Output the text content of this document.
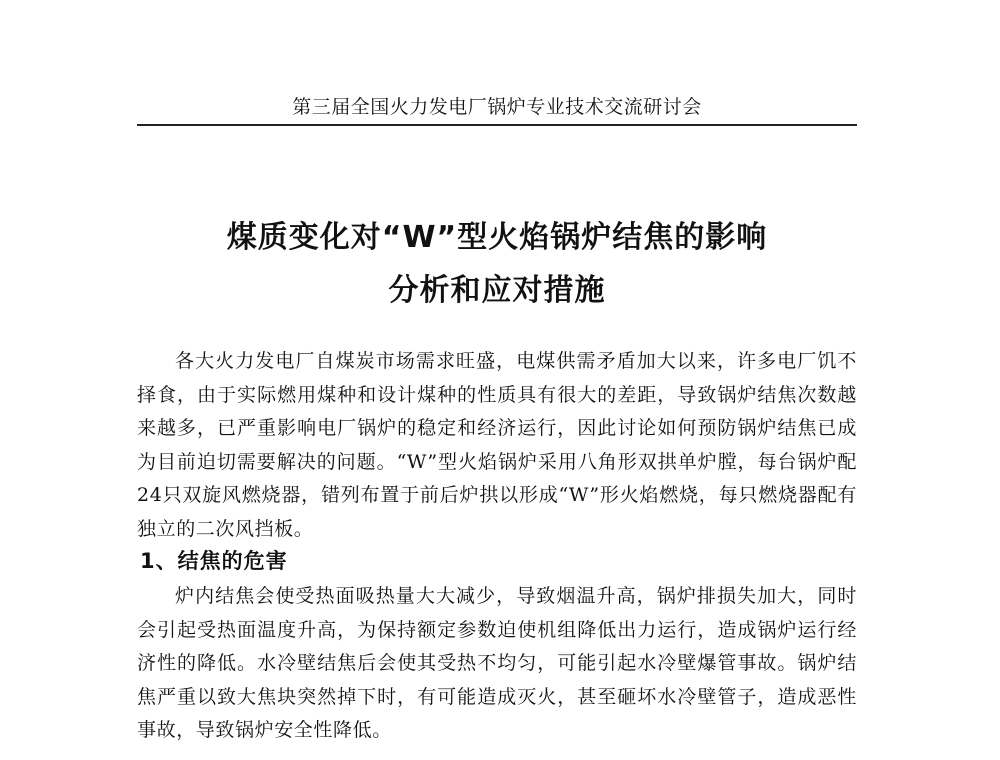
第三届全国火力发电厂锅炉专业技术交流研讨会
煤质变化对“W”型火焰锅炉结焦的影响
分析和应对措施

各大火力发电厂自煤炭市场需求旺盛，电煤供需矛盾加大以来，许多电厂饥不择食，由于实际燃用煤种和设计煤种的性质具有很大的差距，导致锅炉结焦次数越来越多，已严重影响电厂锅炉的稳定和经济运行，因此讨论如何预防锅炉结焦已成为目前迫切需要解决的问题。“W”型火焰锅炉采用八角形双拱单炉膛，每台锅炉配24只双旋风燃烧器，错列布置于前后炉拱以形成“W”形火焰燃烧，每只燃烧器配有独立的二次风挡板。

1、结焦的危害

炉内结焦会使受热面吸热量大大减少，导致烟温升高，锅炉排损失加大，同时会引起受热面温度升高，为保持额定参数迫使机组降低出力运行，造成锅炉运行经济性的降低。水冷壁结焦后会使其受热不均匀，可能引起水冷壁爆管事故。锅炉结焦严重以致大焦块突然掉下时，有可能造成灭火，甚至砸坏水冷壁管子，造成恶性事故，导致锅炉安全性降低。
